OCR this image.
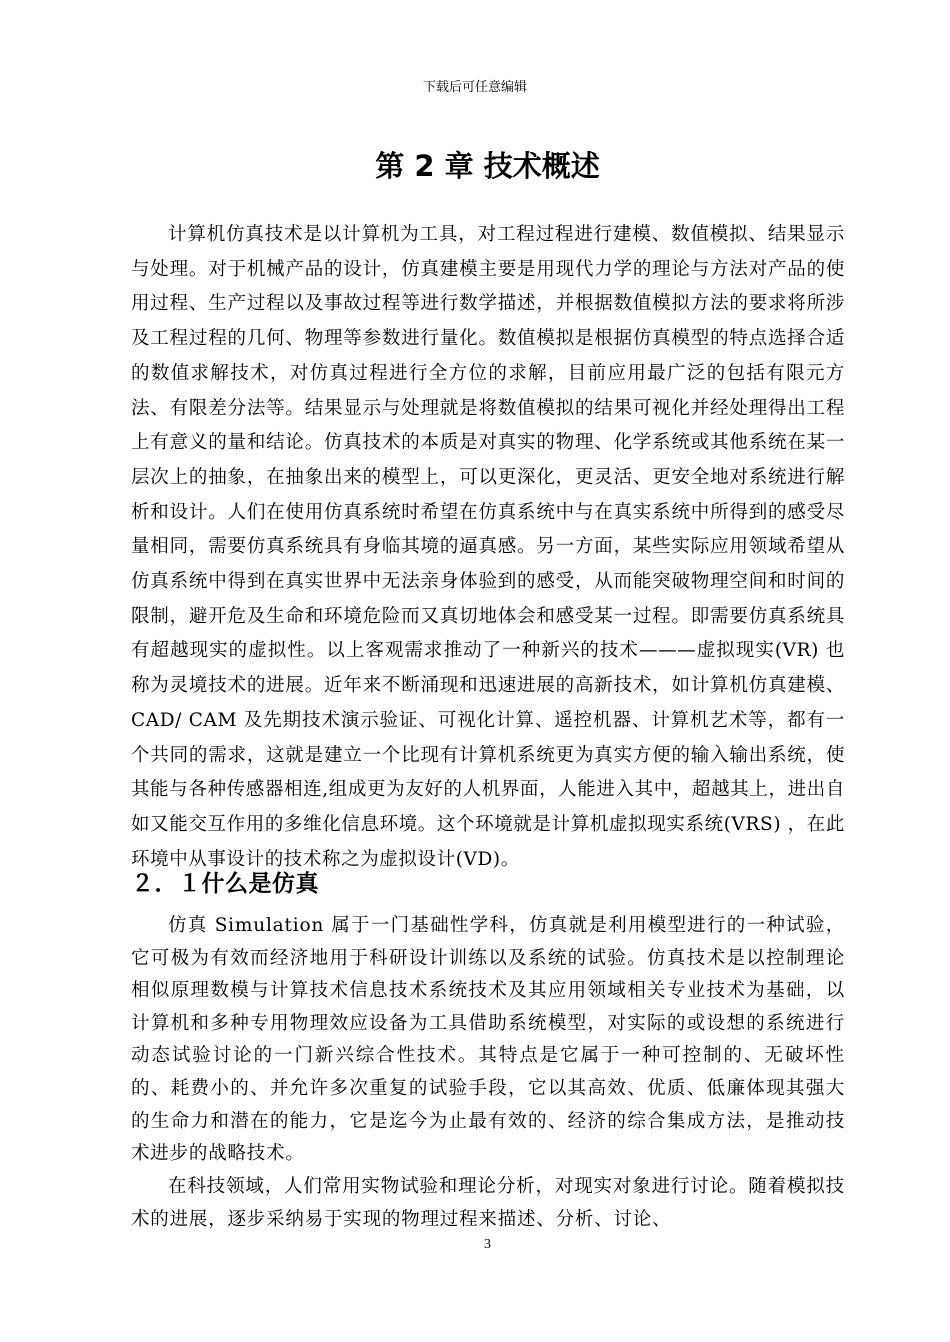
下载后可任意编辑
第 2 章 技术概述

计算机仿真技术是以计算机为工具，对工程过程进行建模、数值模拟、结果显示与处理。对于机械产品的设计，仿真建模主要是用现代力学的理论与方法对产品的使用过程、生产过程以及事故过程等进行数学描述，并根据数值模拟方法的要求将所涉及工程过程的几何、物理等参数进行量化。数值模拟是根据仿真模型的特点选择合适的数值求解技术，对仿真过程进行全方位的求解，目前应用最广泛的包括有限元方法、有限差分法等。结果显示与处理就是将数值模拟的结果可视化并经处理得出工程上有意义的量和结论。仿真技术的本质是对真实的物理、化学系统或其他系统在某一层次上的抽象，在抽象出来的模型上，可以更深化，更灵活、更安全地对系统进行解析和设计。人们在使用仿真系统时希望在仿真系统中与在真实系统中所得到的感受尽量相同，需要仿真系统具有身临其境的逼真感。另一方面，某些实际应用领域希望从仿真系统中得到在真实世界中无法亲身体验到的感受，从而能突破物理空间和时间的限制，避开危及生命和环境危险而又真切地体会和感受某一过程。即需要仿真系统具有超越现实的虚拟性。以上客观需求推动了一种新兴的技术———虚拟现实(VR) 也称为灵境技术的进展。近年来不断涌现和迅速进展的高新技术，如计算机仿真建模、CAD/ CAM 及先期技术演示验证、可视化计算、遥控机器、计算机艺术等，都有一个共同的需求，这就是建立一个比现有计算机系统更为真实方便的输入输出系统，使其能与各种传感器相连,组成更为友好的人机界面，人能进入其中，超越其上，进出自如又能交互作用的多维化信息环境。这个环境就是计算机虚拟现实系统(VRS) ，在此环境中从事设计的技术称之为虚拟设计(VD)。

２．１什么是仿真

仿真 Simulation 属于一门基础性学科，仿真就是利用模型进行的一种试验，它可极为有效而经济地用于科研设计训练以及系统的试验。仿真技术是以控制理论相似原理数模与计算技术信息技术系统技术及其应用领域相关专业技术为基础，以计算机和多种专用物理效应设备为工具借助系统模型，对实际的或设想的系统进行动态试验讨论的一门新兴综合性技术。其特点是它属于一种可控制的、无破坏性的、耗费小的、并允许多次重复的试验手段，它以其高效、优质、低廉体现其强大的生命力和潜在的能力，它是迄今为止最有效的、经济的综合集成方法，是推动技术进步的战略技术。

在科技领域，人们常用实物试验和理论分析，对现实对象进行讨论。随着模拟技术的进展，逐步采纳易于实现的物理过程来描述、分析、讨论、

3
